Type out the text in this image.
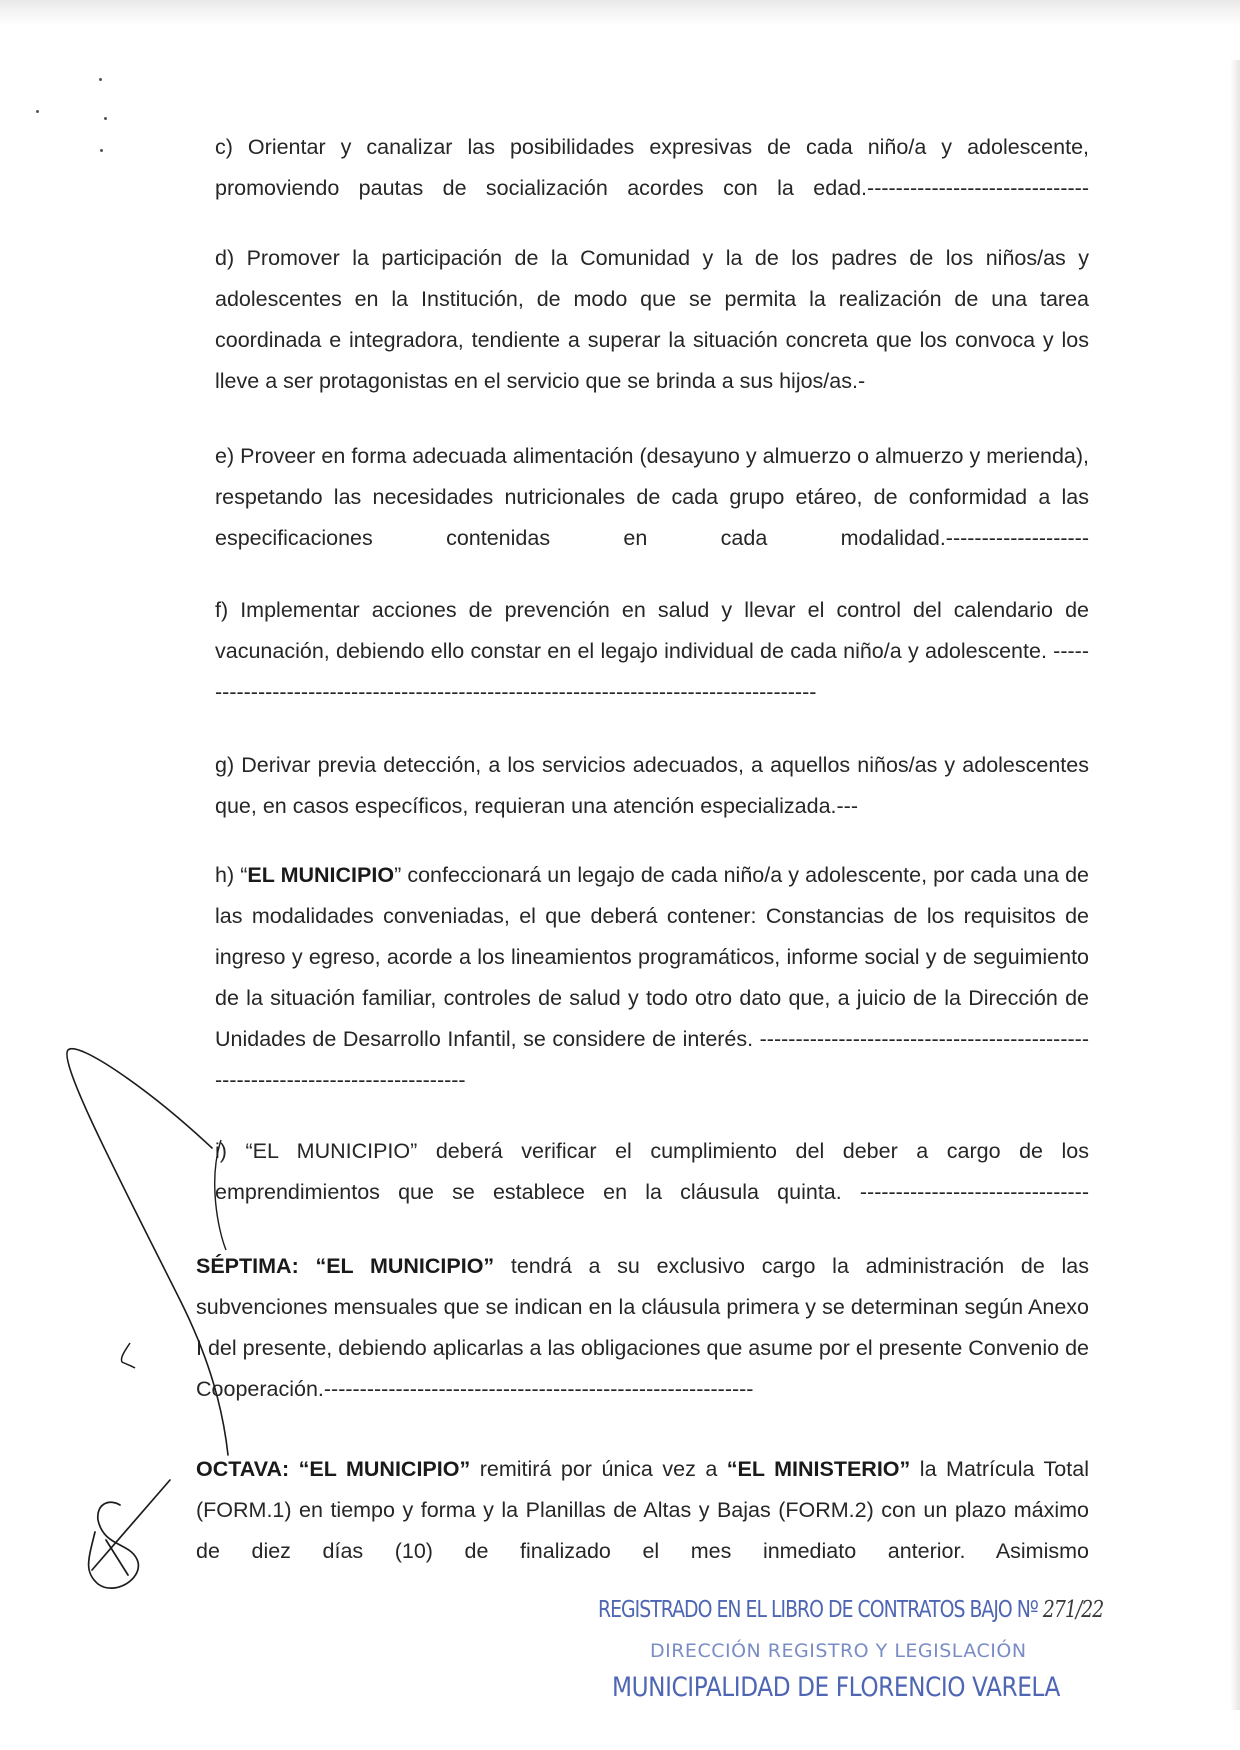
c) Orientar y canalizar las posibilidades expresivas de cada niño/a y adolescente, promoviendo pautas de socialización acordes con la edad.-------------------------------

d) Promover la participación de la Comunidad y la de los padres de los niños/as y adolescentes en la Institución, de modo que se permita la realización de una tarea coordinada e integradora, tendiente a superar la situación concreta que los convoca y los lleve a ser protagonistas en el servicio que se brinda a sus hijos/as.-

e) Proveer en forma adecuada alimentación (desayuno y almuerzo o almuerzo y merienda), respetando las necesidades nutricionales de cada grupo etáreo, de conformidad a las especificaciones contenidas en cada modalidad.--------------------

f) Implementar acciones de prevención en salud y llevar el control del calendario de vacunación, debiendo ello constar en el legajo individual de cada niño/a y adolescente. -----------------------------------------------------------------------------------------

g) Derivar previa detección, a los servicios adecuados, a aquellos niños/as y adolescentes que, en casos específicos, requieran una atención especializada.---

h) “EL MUNICIPIO” confeccionará un legajo de cada niño/a y adolescente, por cada una de las modalidades conveniadas, el que deberá contener: Constancias de los requisitos de ingreso y egreso, acorde a los lineamientos programáticos, informe social y de seguimiento de la situación familiar, controles de salud y todo otro dato que, a juicio de la Dirección de Unidades de Desarrollo Infantil, se considere de interés. ---------------------------------------------------------------------------------

i) “EL MUNICIPIO” deberá verificar el cumplimiento del deber a cargo de los emprendimientos que se establece en la cláusula quinta. --------------------------------

SÉPTIMA: “EL MUNICIPIO” tendrá a su exclusivo cargo la administración de las subvenciones mensuales que se indican en la cláusula primera y se determinan según Anexo I del presente, debiendo aplicarlas a las obligaciones que asume por el presente Convenio de Cooperación.------------------------------------------------------------

OCTAVA: “EL MUNICIPIO” remitirá por única vez a “EL MINISTERIO” la Matrícula Total (FORM.1) en tiempo y forma y la Planillas de Altas y Bajas (FORM.2) con un plazo máximo de diez días (10) de finalizado el mes inmediato anterior. Asimismo

REGISTRADO EN EL LIBRO DE CONTRATOS BAJO Nº 271/22
DIRECCIÓN REGISTRO Y LEGISLACIÓN
MUNICIPALIDAD DE FLORENCIO VARELA
